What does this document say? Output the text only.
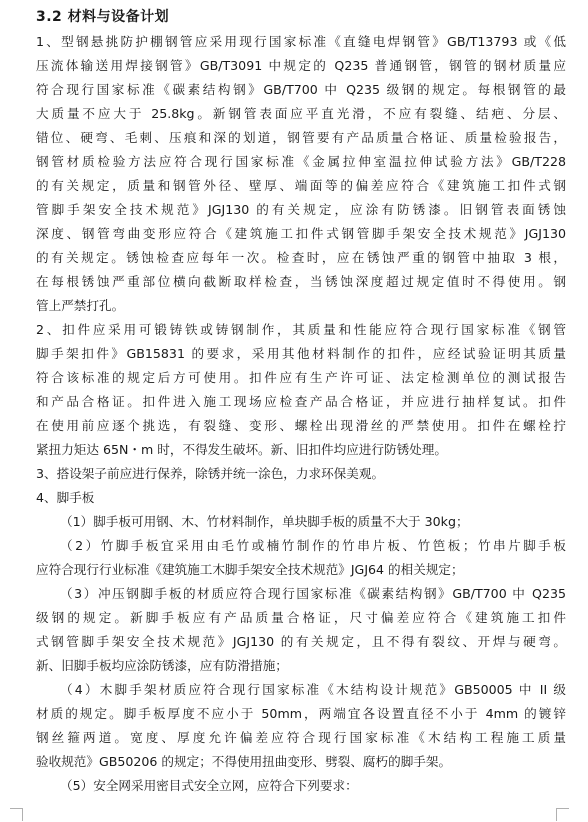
3.2 材料与设备计划
1、型钢悬挑防护棚钢管应采用现行国家标准《直缝电焊钢管》GB/T13793 或《低
压流体输送用焊接钢管》GB/T3091 中规定的 Q235 普通钢管，钢管的钢材质量应
符合现行国家标准《碳素结构钢》GB/T700 中 Q235 级钢的规定。每根钢管的最
大质量不应大于 25.8kg。新钢管表面应平直光滑，不应有裂缝、结疤、分层、
错位、硬弯、毛刺、压痕和深的划道，钢管要有产品质量合格证、质量检验报告，
钢管材质检验方法应符合现行国家标准《金属拉伸室温拉伸试验方法》GB/T228
的有关规定，质量和钢管外径、壁厚、端面等的偏差应符合《建筑施工扣件式钢
管脚手架安全技术规范》JGJ130 的有关规定，应涂有防锈漆。旧钢管表面锈蚀
深度、钢管弯曲变形应符合《建筑施工扣件式钢管脚手架安全技术规范》JGJ130
的有关规定。锈蚀检查应每年一次。检查时，应在锈蚀严重的钢管中抽取 3 根，
在每根锈蚀严重部位横向截断取样检查，当锈蚀深度超过规定值时不得使用。钢
管上严禁打孔。
2、扣件应采用可锻铸铁或铸钢制作，其质量和性能应符合现行国家标准《钢管
脚手架扣件》GB15831 的要求，采用其他材料制作的扣件，应经试验证明其质量
符合该标准的规定后方可使用。扣件应有生产许可证、法定检测单位的测试报告
和产品合格证。扣件进入施工现场应检查产品合格证，并应进行抽样复试。扣件
在使用前应逐个挑选，有裂缝、变形、螺栓出现滑丝的严禁使用。扣件在螺栓拧
紧扭力矩达 65N・m 时，不得发生破坏。新、旧扣件均应进行防锈处理。
3、搭设架子前应进行保养，除锈并统一涂色，力求环保美观。
4、脚手板
（1）脚手板可用钢、木、竹材料制作，单块脚手板的质量不大于 30kg；
（2）竹脚手板宜采用由毛竹或楠竹制作的竹串片板、竹笆板；竹串片脚手板
应符合现行行业标准《建筑施工木脚手架安全技术规范》JGJ64 的相关规定；
（3）冲压钢脚手板的材质应符合现行国家标准《碳素结构钢》GB/T700 中 Q235
级钢的规定。新脚手板应有产品质量合格证，尺寸偏差应符合《建筑施工扣件
式钢管脚手架安全技术规范》JGJ130 的有关规定，且不得有裂纹、开焊与硬弯。
新、旧脚手板均应涂防锈漆，应有防滑措施；
（4）木脚手架材质应符合现行国家标准《木结构设计规范》GB50005 中 II 级
材质的规定。脚手板厚度不应小于 50mm，两端宜各设置直径不小于 4mm 的镀锌
钢丝箍两道。宽度、厚度允许偏差应符合现行国家标准《木结构工程施工质量
验收规范》GB50206 的规定；不得使用扭曲变形、劈裂、腐朽的脚手架。
（5）安全网采用密目式安全立网，应符合下列要求：
